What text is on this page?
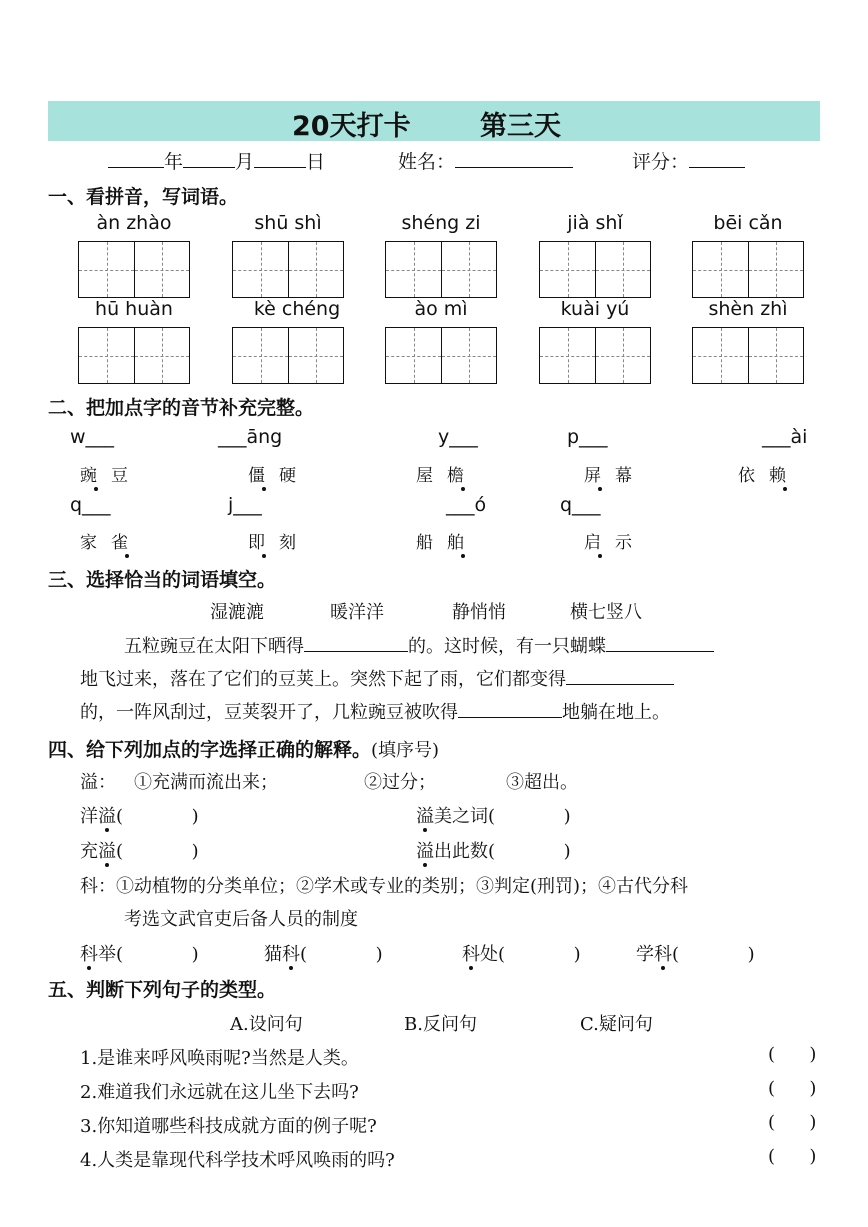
20天打卡	第三天
年	月	日	姓名：	评分：
一、看拼音，写词语。
àn zhào	shū shì	shéng zi	jià shǐ	bēi cǎn
hū huàn	kè chéng	ào mì	kuài yú	shèn zhì
二、把加点字的音节补充完整。
w___	___āng	y___	p___	___ài
豌豆	僵硬	屋檐	屏幕	依赖
q___	j___	___ó	q___
家雀	即刻	船舶	启示
三、选择恰当的词语填空。
湿漉漉	暖洋洋	静悄悄	横七竖八
五粒豌豆在太阳下晒得	的。这时候，有一只蝴蝶
地飞过来，落在了它们的豆荚上。突然下起了雨，它们都变得
的，一阵风刮过，豆荚裂开了，几粒豌豆被吹得	地躺在地上。
四、给下列加点的字选择正确的解释。(填序号)
溢： ①充满而流出来；	②过分；	③超出。
洋溢(            )	溢美之词(            )
充溢(            )	溢出此数(            )
科：①动植物的分类单位；②学术或专业的类别；③判定(刑罚)；④古代分科
考选文武官吏后备人员的制度
科举(            )	猫科(            )	科处(            )	学科(            )
五、判断下列句子的类型。
A.设问句	B.反问句	C.疑问句
1.是谁来呼风唤雨呢?当然是人类。	(      )
2.难道我们永远就在这儿坐下去吗?	(      )
3.你知道哪些科技成就方面的例子呢?	(      )
4.人类是靠现代科学技术呼风唤雨的吗?	(      )
